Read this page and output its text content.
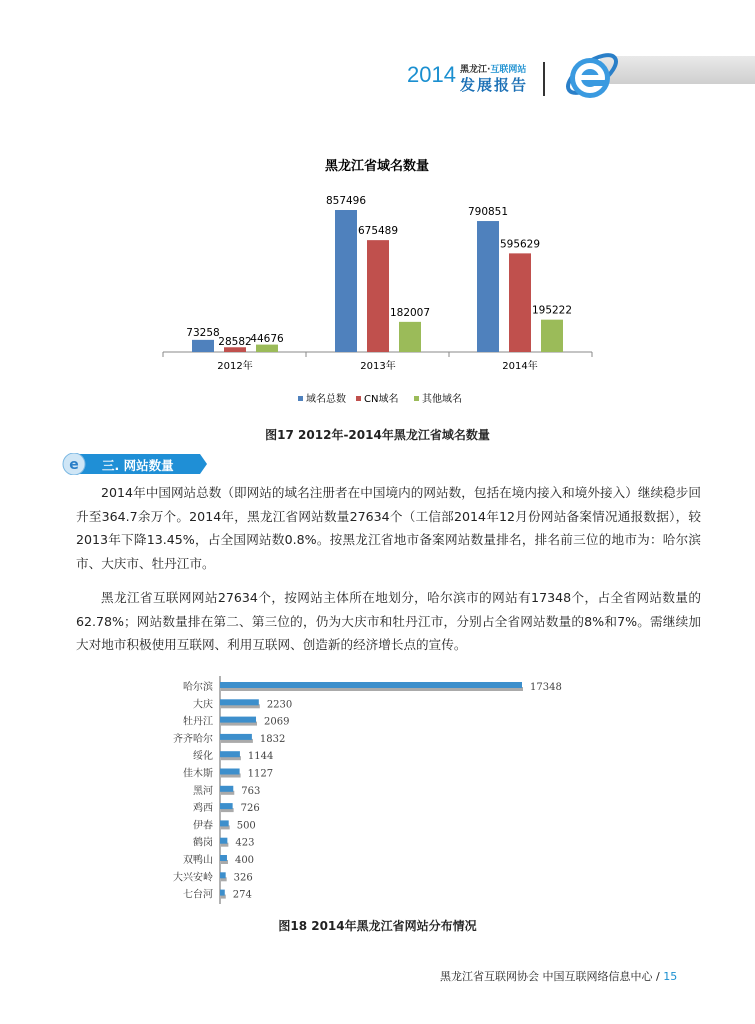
2014 黑龙江·互联网站
发展报告
黑龙江省域名数量
2012年
73258
28582
44676
2013年
857496
675489
182007
2014年
790851
595629
195222
域名总数 CN域名 其他域名
图17 2012年-2014年黑龙江省域名数量
e 三. 网站数量
2014年中国网站总数（即网站的域名注册者在中国境内的网站数，包括在境内接入和境外接入）继续稳步回升至364.7余万个。2014年，黑龙江省网站数量27634个（工信部2014年12月份网站备案情况通报数据），较2013年下降13.45%，占全国网站数0.8%。按黑龙江省地市备案网站数量排名，排名前三位的地市为：哈尔滨市、大庆市、牡丹江市。
黑龙江省互联网网站27634个，按网站主体所在地划分，哈尔滨市的网站有17348个，占全省网站数量的62.78%；网站数量排在第二、第三位的，仍为大庆市和牡丹江市，分别占全省网站数量的8%和7%。需继续加大对地市积极使用互联网、利用互联网、创造新的经济增长点的宣传。
哈尔滨	17348
大庆	2230
牡丹江	2069
齐齐哈尔	1832
绥化	1144
佳木斯	1127
黑河	763
鸡西	726
伊春 500
鹤岗 423
双鸭山 400
大兴安岭 326
七台河 274
图18 2014年黑龙江省网站分布情况
黑龙江省互联网协会 中国互联网络信息中心 / 15
